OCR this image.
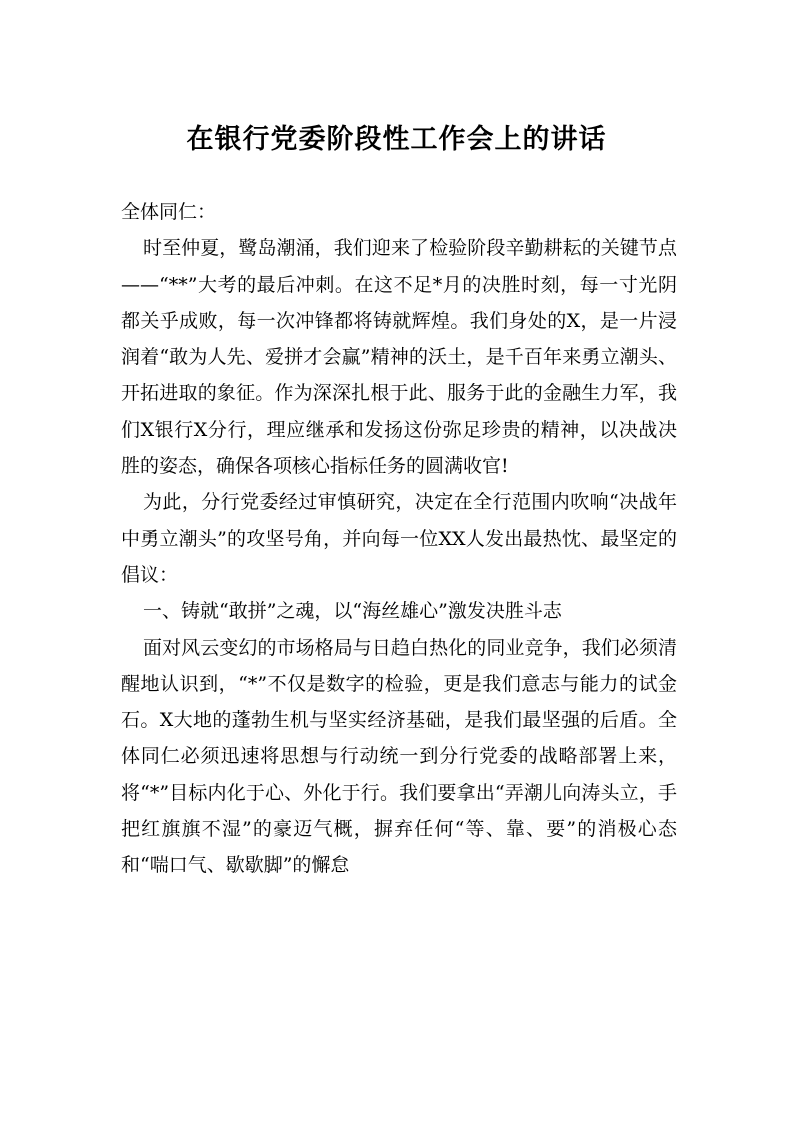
在银行党委阶段性工作会上的讲话

全体同仁：

时至仲夏，鹭岛潮涌，我们迎来了检验阶段辛勤耕耘的关键节点——“**”大考的最后冲刺。在这不足*月的决胜时刻，每一寸光阴都关乎成败，每一次冲锋都将铸就辉煌。我们身处的X，是一片浸润着“敢为人先、爱拼才会赢”精神的沃土，是千百年来勇立潮头、开拓进取的象征。作为深深扎根于此、服务于此的金融生力军，我们X银行X分行，理应继承和发扬这份弥足珍贵的精神，以决战决胜的姿态，确保各项核心指标任务的圆满收官!

为此，分行党委经过审慎研究，决定在全行范围内吹响“决战年中勇立潮头”的攻坚号角，并向每一位XX人发出最热忱、最坚定的倡议：

一、铸就“敢拼”之魂，以“海丝雄心”激发决胜斗志

面对风云变幻的市场格局与日趋白热化的同业竞争，我们必须清醒地认识到，“*”不仅是数字的检验，更是我们意志与能力的试金石。X大地的蓬勃生机与坚实经济基础，是我们最坚强的后盾。全体同仁必须迅速将思想与行动统一到分行党委的战略部署上来，将“*”目标内化于心、外化于行。我们要拿出“弄潮儿向涛头立，手把红旗旗不湿”的豪迈气概，摒弃任何“等、靠、要”的消极心态和“喘口气、歇歇脚”的懈怠
